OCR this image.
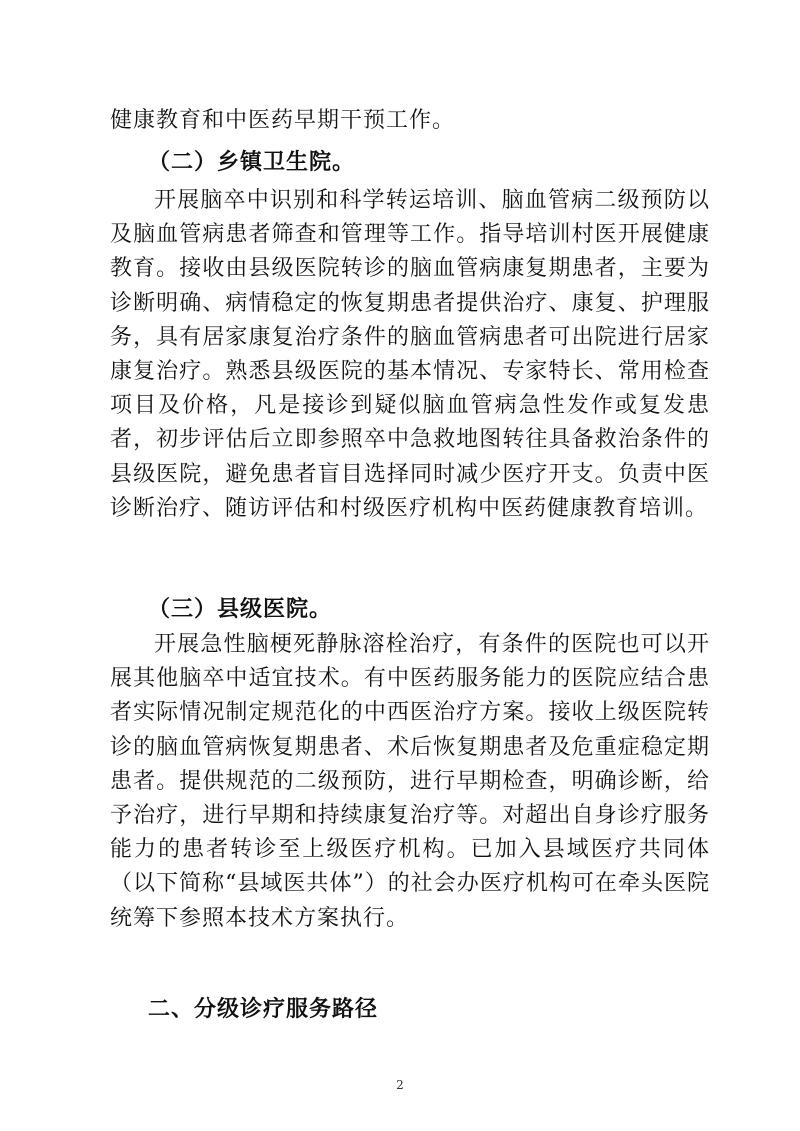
健康教育和中医药早期干预工作。

（二）乡镇卫生院。

开展脑卒中识别和科学转运培训、脑血管病二级预防以及脑血管病患者筛查和管理等工作。指导培训村医开展健康教育。接收由县级医院转诊的脑血管病康复期患者，主要为诊断明确、病情稳定的恢复期患者提供治疗、康复、护理服务，具有居家康复治疗条件的脑血管病患者可出院进行居家康复治疗。熟悉县级医院的基本情况、专家特长、常用检查项目及价格，凡是接诊到疑似脑血管病急性发作或复发患者，初步评估后立即参照卒中急救地图转往具备救治条件的县级医院，避免患者盲目选择同时减少医疗开支。负责中医诊断治疗、随访评估和村级医疗机构中医药健康教育培训。

（三）县级医院。

开展急性脑梗死静脉溶栓治疗，有条件的医院也可以开展其他脑卒中适宜技术。有中医药服务能力的医院应结合患者实际情况制定规范化的中西医治疗方案。接收上级医院转诊的脑血管病恢复期患者、术后恢复期患者及危重症稳定期患者。提供规范的二级预防，进行早期检查，明确诊断，给予治疗，进行早期和持续康复治疗等。对超出自身诊疗服务能力的患者转诊至上级医疗机构。已加入县域医疗共同体（以下简称“县域医共体”）的社会办医疗机构可在牵头医院统筹下参照本技术方案执行。

二、分级诊疗服务路径

2
